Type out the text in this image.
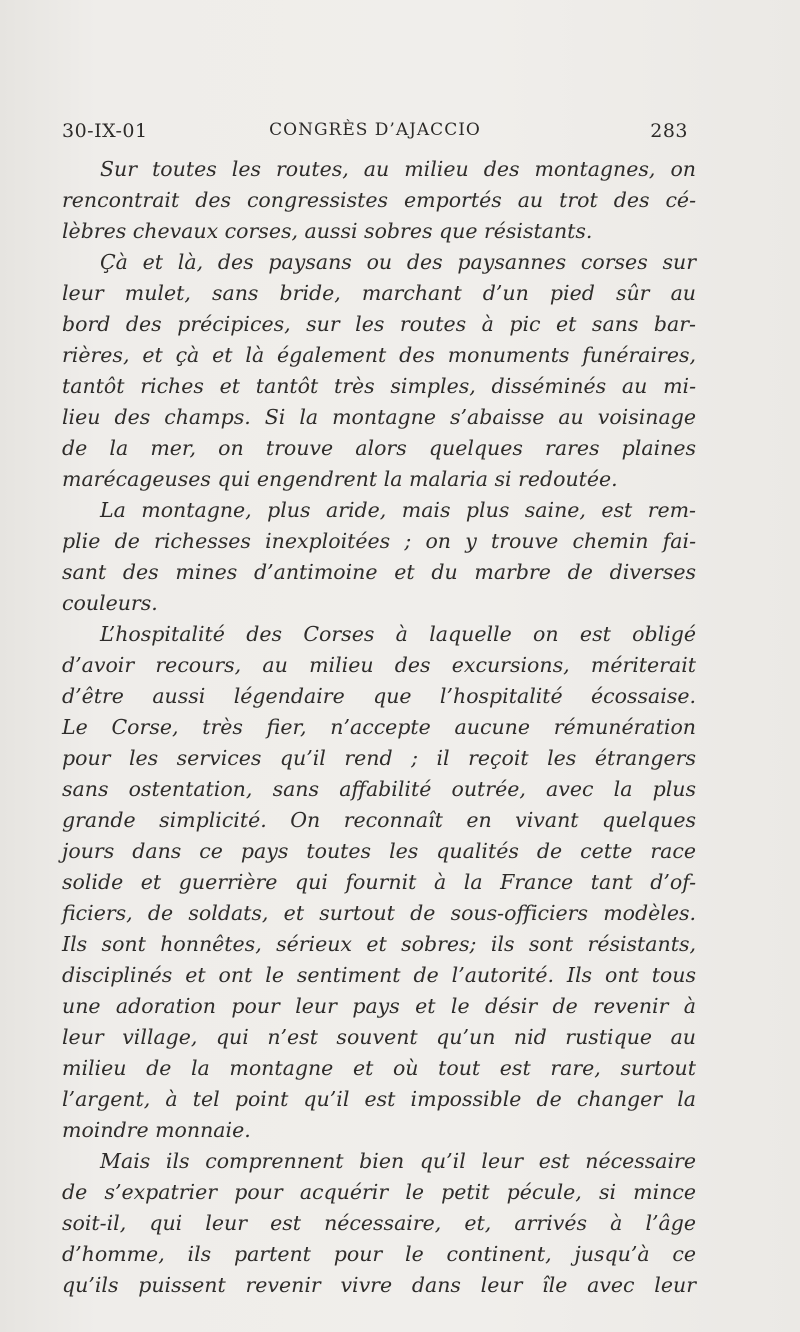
30-IX-01	CONGRÈS D’AJACCIO	283
Sur toutes les routes, au milieu des montagnes, on
rencontrait des congressistes emportés au trot des cé-
lèbres chevaux corses, aussi sobres que résistants.
Çà et là, des paysans ou des paysannes corses sur
leur mulet, sans bride, marchant d’un pied sûr au
bord des précipices, sur les routes à pic et sans bar-
rières, et çà et là également des monuments funéraires,
tantôt riches et tantôt très simples, disséminés au mi-
lieu des champs. Si la montagne s’abaisse au voisinage
de la mer, on trouve alors quelques rares plaines
marécageuses qui engendrent la malaria si redoutée.
La montagne, plus aride, mais plus saine, est rem-
plie de richesses inexploitées ; on y trouve chemin fai-
sant des mines d’antimoine et du marbre de diverses
couleurs.
L’hospitalité des Corses à laquelle on est obligé
d’avoir recours, au milieu des excursions, mériterait
d’être aussi légendaire que l’hospitalité écossaise.
Le Corse, très fier, n’accepte aucune rémunération
pour les services qu’il rend ; il reçoit les étrangers
sans ostentation, sans affabilité outrée, avec la plus
grande simplicité. On reconnaît en vivant quelques
jours dans ce pays toutes les qualités de cette race
solide et guerrière qui fournit à la France tant d’of-
ficiers, de soldats, et surtout de sous-officiers modèles.
Ils sont honnêtes, sérieux et sobres; ils sont résistants,
disciplinés et ont le sentiment de l’autorité. Ils ont tous
une adoration pour leur pays et le désir de revenir à
leur village, qui n’est souvent qu’un nid rustique au
milieu de la montagne et où tout est rare, surtout
l’argent, à tel point qu’il est impossible de changer la
moindre monnaie.
Mais ils comprennent bien qu’il leur est nécessaire
de s’expatrier pour acquérir le petit pécule, si mince
soit-il, qui leur est nécessaire, et, arrivés à l’âge
d’homme, ils partent pour le continent, jusqu’à ce
qu’ils puissent revenir vivre dans leur île avec leur
